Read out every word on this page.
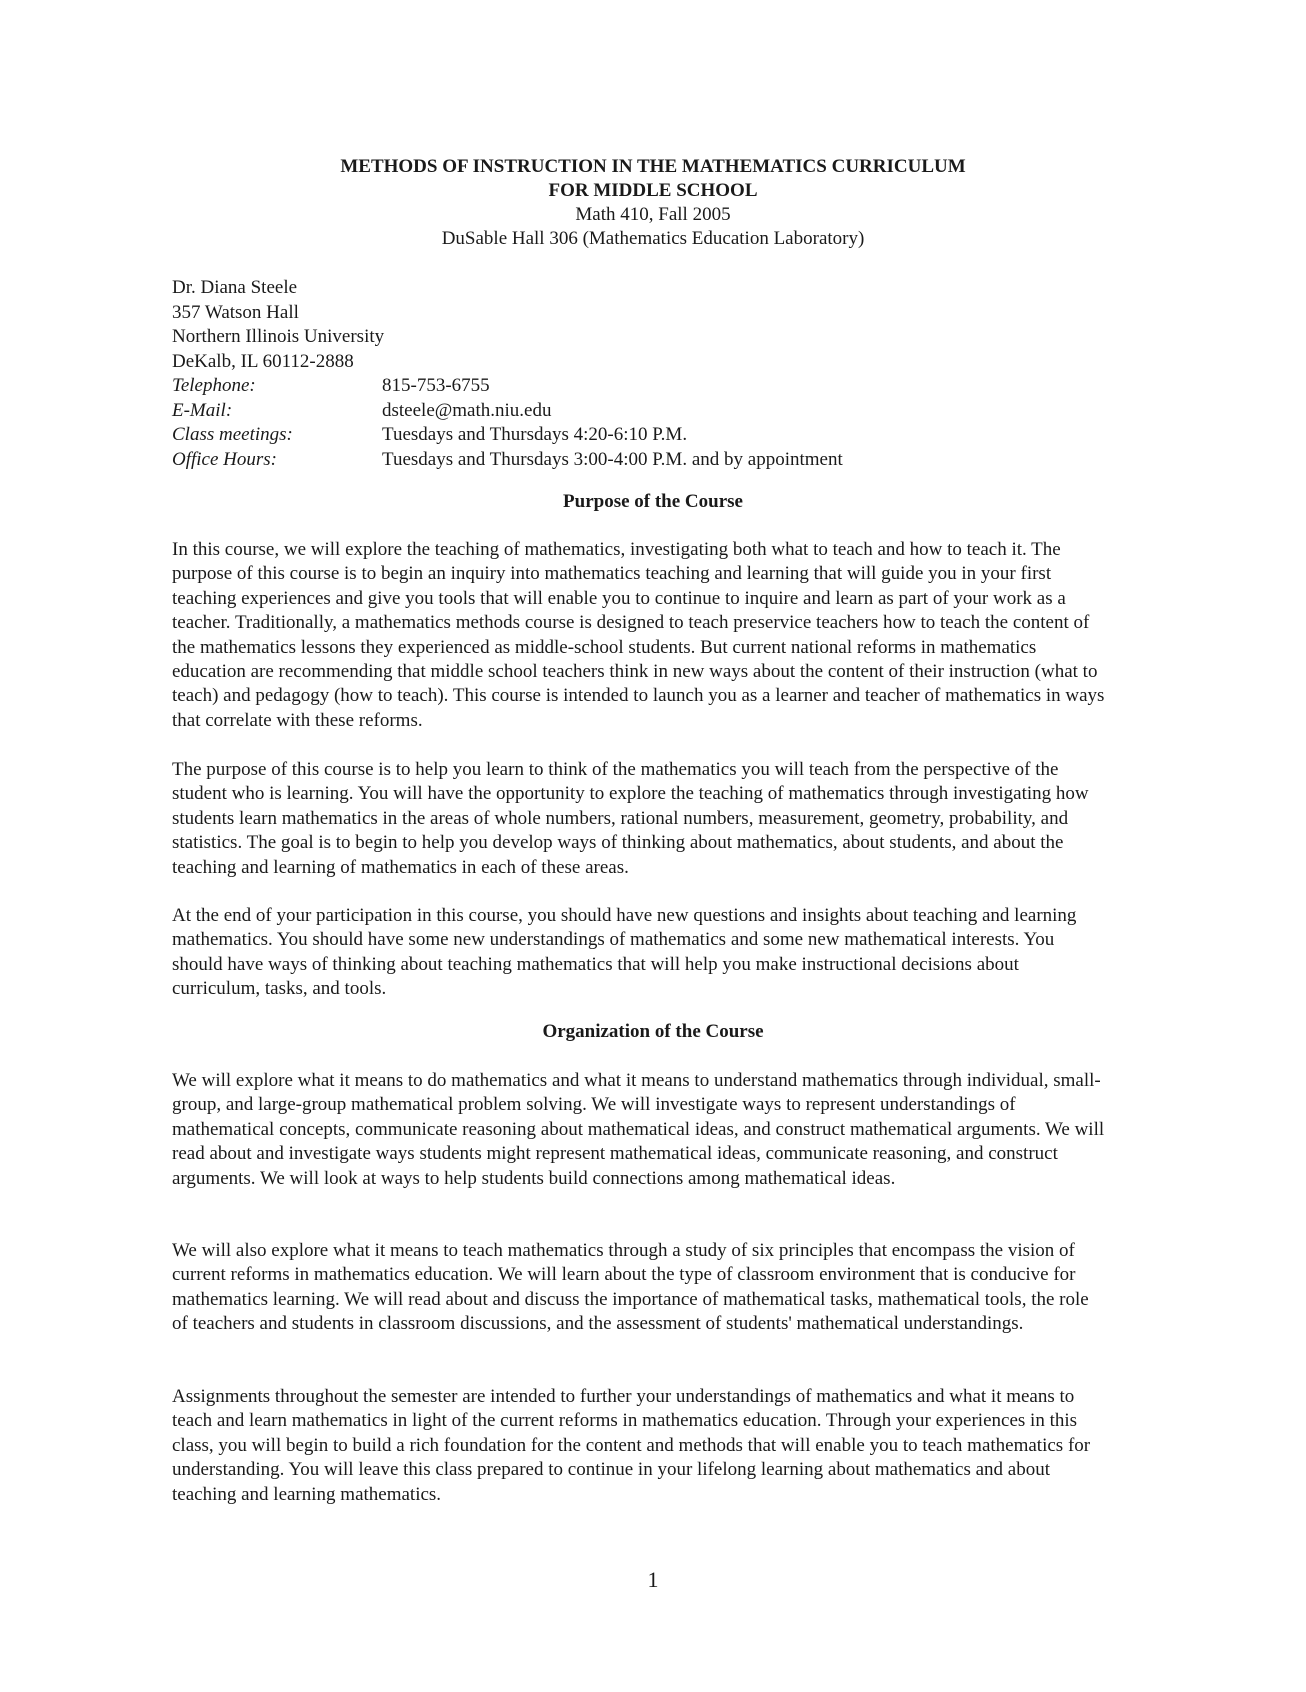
METHODS OF INSTRUCTION IN THE MATHEMATICS CURRICULUM
FOR MIDDLE SCHOOL
Math 410, Fall 2005
DuSable Hall 306 (Mathematics Education Laboratory)
Dr. Diana Steele
357 Watson Hall
Northern Illinois University
DeKalb, IL 60112-2888
Telephone:	815-753-6755
E-Mail:	dsteele@math.niu.edu
Class meetings:	Tuesdays and Thursdays 4:20-6:10 P.M.
Office Hours:	Tuesdays and Thursdays 3:00-4:00 P.M. and by appointment
Purpose of the Course
In this course, we will explore the teaching of mathematics, investigating both what to teach and how to teach it. The purpose of this course is to begin an inquiry into mathematics teaching and learning that will guide you in your first teaching experiences and give you tools that will enable you to continue to inquire and learn as part of your work as a teacher. Traditionally, a mathematics methods course is designed to teach preservice teachers how to teach the content of the mathematics lessons they experienced as middle-school students. But current national reforms in mathematics education are recommending that middle school teachers think in new ways about the content of their instruction (what to teach) and pedagogy (how to teach). This course is intended to launch you as a learner and teacher of mathematics in ways that correlate with these reforms.
The purpose of this course is to help you learn to think of the mathematics you will teach from the perspective of the student who is learning. You will have the opportunity to explore the teaching of mathematics through investigating how students learn mathematics in the areas of whole numbers, rational numbers, measurement, geometry, probability, and statistics. The goal is to begin to help you develop ways of thinking about mathematics, about students, and about the teaching and learning of mathematics in each of these areas.
At the end of your participation in this course, you should have new questions and insights about teaching and learning mathematics. You should have some new understandings of mathematics and some new mathematical interests. You should have ways of thinking about teaching mathematics that will help you make instructional decisions about curriculum, tasks, and tools.
Organization of the Course
We will explore what it means to do mathematics and what it means to understand mathematics through individual, small-group, and large-group mathematical problem solving. We will investigate ways to represent understandings of mathematical concepts, communicate reasoning about mathematical ideas, and construct mathematical arguments. We will read about and investigate ways students might represent mathematical ideas, communicate reasoning, and construct arguments. We will look at ways to help students build connections among mathematical ideas.
We will also explore what it means to teach mathematics through a study of six principles that encompass the vision of current reforms in mathematics education. We will learn about the type of classroom environment that is conducive for mathematics learning. We will read about and discuss the importance of mathematical tasks, mathematical tools, the role of teachers and students in classroom discussions, and the assessment of students' mathematical understandings.
Assignments throughout the semester are intended to further your understandings of mathematics and what it means to teach and learn mathematics in light of the current reforms in mathematics education. Through your experiences in this class, you will begin to build a rich foundation for the content and methods that will enable you to teach mathematics for understanding. You will leave this class prepared to continue in your lifelong learning about mathematics and about teaching and learning mathematics.
1
